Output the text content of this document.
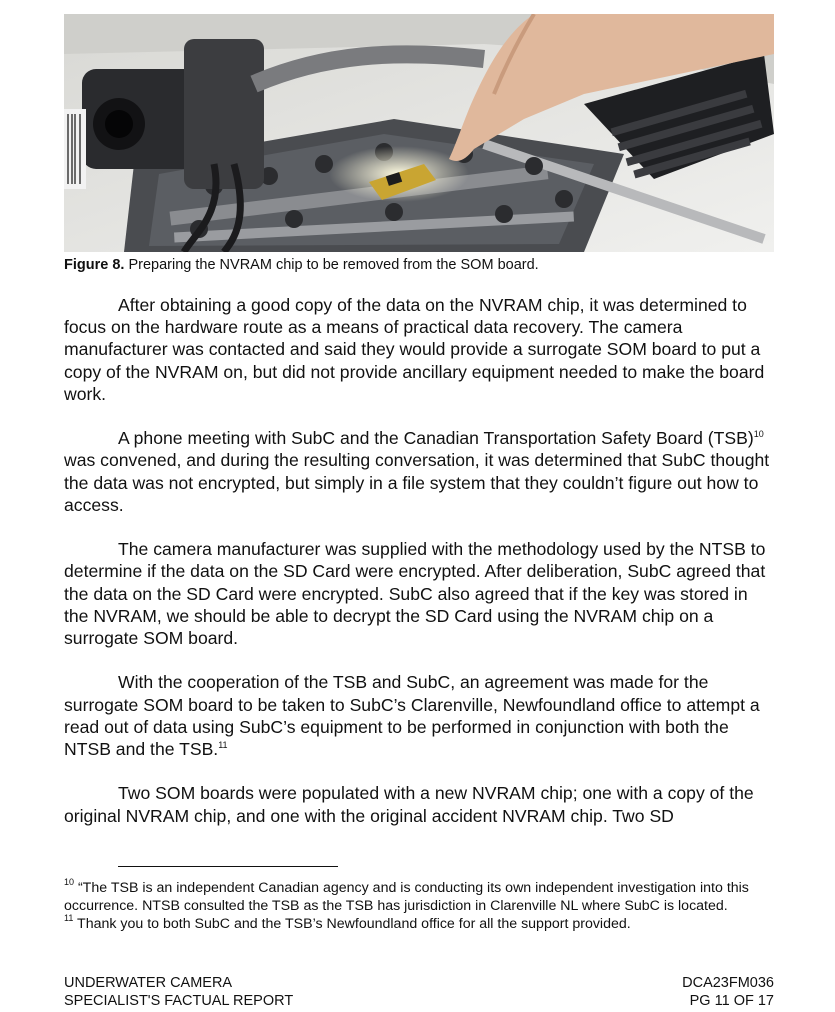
Figure 8. Preparing the NVRAM chip to be removed from the SOM board.

After obtaining a good copy of the data on the NVRAM chip, it was determined to focus on the hardware route as a means of practical data recovery. The camera manufacturer was contacted and said they would provide a surrogate SOM board to put a copy of the NVRAM on, but did not provide ancillary equipment needed to make the board work.

A phone meeting with SubC and the Canadian Transportation Safety Board (TSB)$^{10}$ was convened, and during the resulting conversation, it was determined that SubC thought the data was not encrypted, but simply in a file system that they couldn’t figure out how to access.

The camera manufacturer was supplied with the methodology used by the NTSB to determine if the data on the SD Card were encrypted. After deliberation, SubC agreed that the data on the SD Card were encrypted. SubC also agreed that if the key was stored in the NVRAM, we should be able to decrypt the SD Card using the NVRAM chip on a surrogate SOM board.

With the cooperation of the TSB and SubC, an agreement was made for the surrogate SOM board to be taken to SubC’s Clarenville, Newfoundland office to attempt a read out of data using SubC’s equipment to be performed in conjunction with both the NTSB and the TSB.$^{11}$

Two SOM boards were populated with a new NVRAM chip; one with a copy of the original NVRAM chip, and one with the original accident NVRAM chip. Two SD

$^{10}$ “The TSB is an independent Canadian agency and is conducting its own independent investigation into this occurrence. NTSB consulted the TSB as the TSB has jurisdiction in Clarenville NL where SubC is located.

$^{11}$ Thank you to both SubC and the TSB’s Newfoundland office for all the support provided.

UNDERWATER CAMERA
SPECIALIST'S FACTUAL REPORT
DCA23FM036
PG 11 OF 17
